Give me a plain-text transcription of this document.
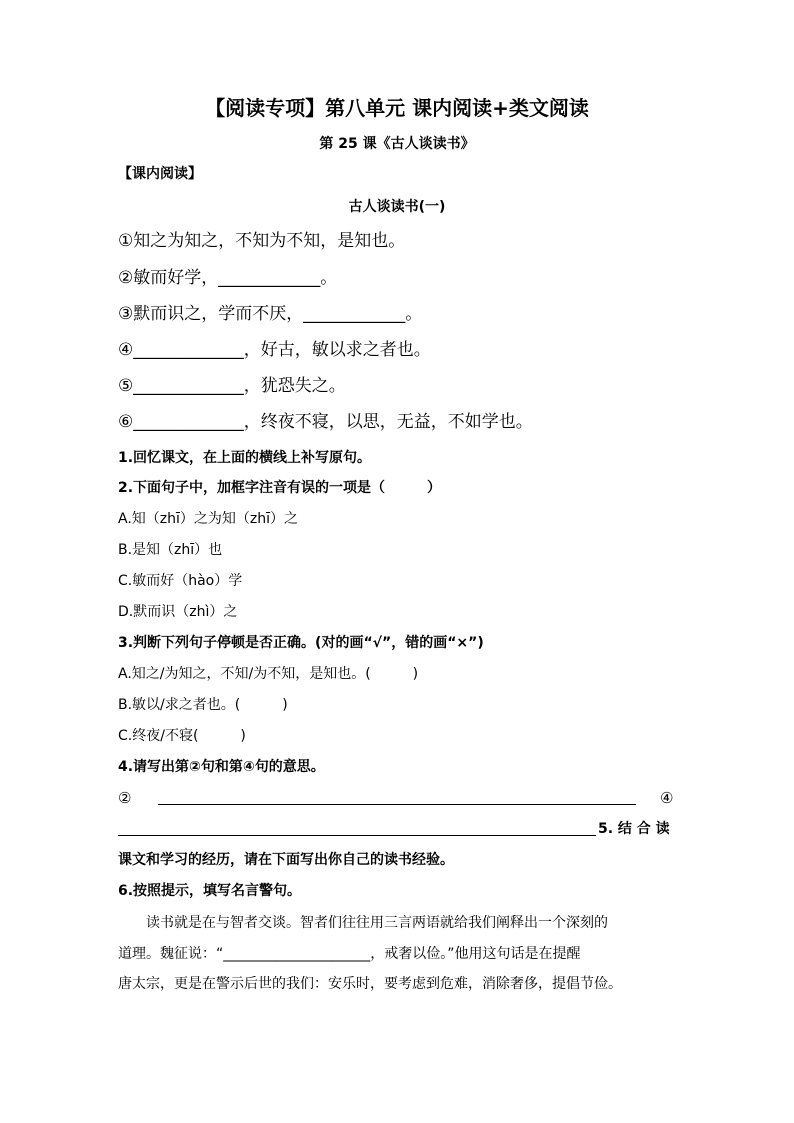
【阅读专项】第八单元 课内阅读+类文阅读
第 25 课《古人谈读书》
【课内阅读】
古人谈读书(一)
①知之为知之，不知为不知，是知也。
②敏而好学，____________。
③默而识之，学而不厌，____________。
④_____________，好古，敏以求之者也。
⑤_____________，犹恐失之。
⑥_____________，终夜不寝，以思，无益，不如学也。
1.回忆课文，在上面的横线上补写原句。
2.下面句子中，加框字注音有误的一项是（　　　）
A.知（zhī）之为知（zhī）之
B.是知（zhī）也
C.敏而好（hào）学
D.默而识（zhì）之
3.判断下列句子停顿是否正确。(对的画“√”，错的画“×”)
A.知之/为知之，不知/为不知，是知也。(　　　)
B.敏以/求之者也。(　　　)
C.终夜/不寝(　　　)
4.请写出第②句和第④句的意思。
②	④
5. 结 合 读
课文和学习的经历，请在下面写出你自己的读书经验。
6.按照提示，填写名言警句。
读书就是在与智者交谈。智者们往往用三言两语就给我们阐释出一个深刻的
道理。魏征说：“_____________________，戒奢以俭。”他用这句话是在提醒
唐太宗，更是在警示后世的我们：安乐时，要考虑到危难，消除奢侈，提倡节俭。
